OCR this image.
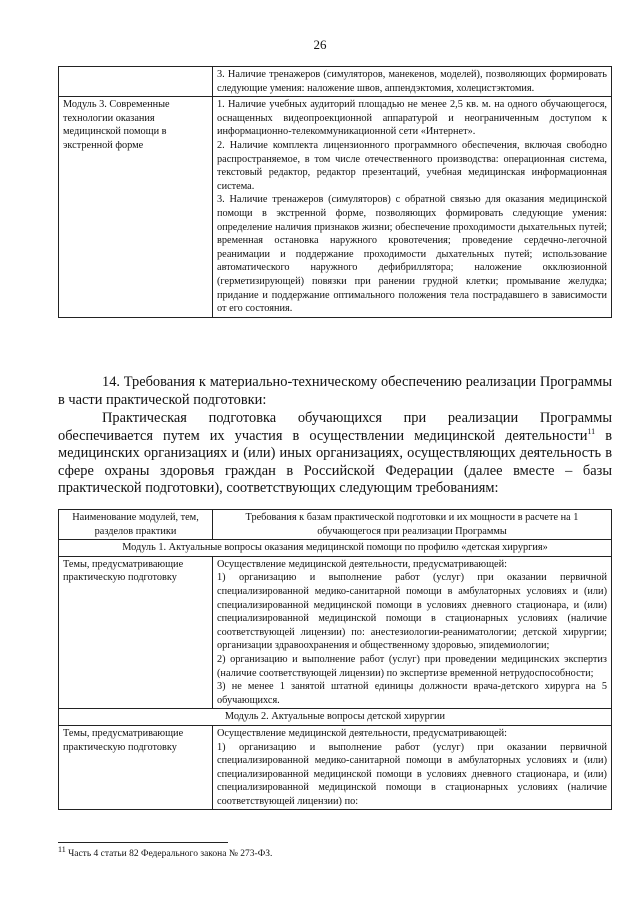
26

	3. Наличие тренажеров (симуляторов, манекенов, моделей), позволяющих формировать следующие умения: наложение швов, аппендэктомия, холецистэктомия.

Модуль 3. Современные технологии оказания медицинской помощи в экстренной форме	1. Наличие учебных аудиторий площадью не менее 2,5 кв. м. на одного обучающегося, оснащенных видеопроекционной аппаратурой и неограниченным доступом к информационно-телекоммуникационной сети «Интернет».

2. Наличие комплекта лицензионного программного обеспечения, включая свободно распространяемое, в том числе отечественного производства: операционная система, текстовый редактор, редактор презентаций, учебная медицинская информационная система.

3. Наличие тренажеров (симуляторов) с обратной связью для оказания медицинской помощи в экстренной форме, позволяющих формировать следующие умения: определение наличия признаков жизни; обеспечение проходимости дыхательных путей; временная остановка наружного кровотечения; проведение сердечно-легочной реанимации и поддержание проходимости дыхательных путей; использование автоматического наружного дефибриллятора; наложение окклюзионной (герметизирующей) повязки при ранении грудной клетки; промывание желудка; придание и поддержание оптимального положения тела пострадавшего в зависимости от его состояния.

14. Требования к материально-техническому обеспечению реализации Программы в части практической подготовки:
Практическая подготовка обучающихся при реализации Программы обеспечивается путем их участия в осуществлении медицинской деятельности$^{11}$ в медицинских организациях и (или) иных организациях, осуществляющих деятельность в сфере охраны здоровья граждан в Российской Федерации (далее вместе – базы практической подготовки), соответствующих следующим требованиям:
Наименование модулей, тем, разделов практики	Требования к базам практической подготовки и их мощности в расчете на 1 обучающегося при реализации Программы
Модуль 1. Актуальные вопросы оказания медицинской помощи по профилю «детская хирургия»	
Темы, предусматривающие практическую подготовку	Осуществление медицинской деятельности, предусматривающей:

1) организацию и выполнение работ (услуг) при оказании первичной специализированной медико-санитарной помощи в амбулаторных условиях и (или) специализированной медицинской помощи в условиях дневного стационара, и (или) специализированной медицинской помощи в стационарных условиях (наличие соответствующей лицензии) по: анестезиологии-реаниматологии; детской хирургии; организации здравоохранения и общественному здоровью, эпидемиологии;

2) организацию и выполнение работ (услуг) при проведении медицинских экспертиз (наличие соответствующей лицензии) по экспертизе временной нетрудоспособности;

3) не менее 1 занятой штатной единицы должности врача-детского хирурга на 5 обучающихся.

Модуль 2. Актуальные вопросы детской хирургии	
Темы, предусматривающие практическую подготовку	Осуществление медицинской деятельности, предусматривающей:

1) организацию и выполнение работ (услуг) при оказании первичной специализированной медико-санитарной помощи в амбулаторных условиях и (или) специализированной медицинской помощи в условиях дневного стационара, и (или) специализированной медицинской помощи в стационарных условиях (наличие соответствующей лицензии) по:

$^{11}$ Часть 4 статьи 82 Федерального закона № 273-ФЗ.
